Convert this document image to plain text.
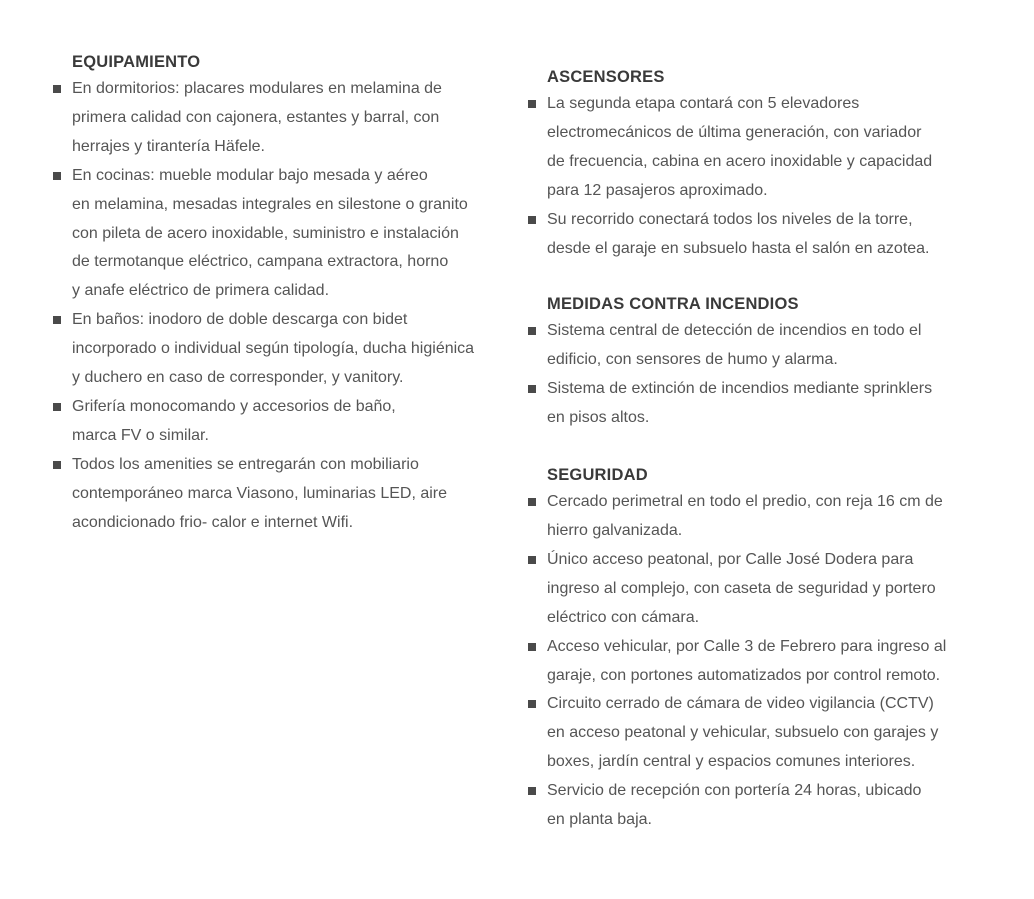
EQUIPAMIENTO
En dormitorios: placares modulares en melamina de
primera calidad con cajonera, estantes y barral, con
herrajes y tirantería Häfele.
En cocinas: mueble modular bajo mesada y aéreo
en melamina, mesadas integrales en silestone o granito
con pileta de acero inoxidable, suministro e instalación
de termotanque eléctrico, campana extractora, horno
y anafe eléctrico de primera calidad.
En baños: inodoro de doble descarga con bidet
incorporado o individual según tipología, ducha higiénica
y duchero en caso de corresponder, y vanitory.
Grifería monocomando y accesorios de baño,
marca FV o similar.
Todos los amenities se entregarán con mobiliario
contemporáneo marca Viasono, luminarias LED, aire
acondicionado frio- calor e internet Wifi.
ASCENSORES
La segunda etapa contará con 5 elevadores
electromecánicos de última generación, con variador
de frecuencia, cabina en acero inoxidable y capacidad
para 12 pasajeros aproximado.
Su recorrido conectará todos los niveles de la torre,
desde el garaje en subsuelo hasta el salón en azotea.
MEDIDAS CONTRA INCENDIOS
Sistema central de detección de incendios en todo el
edificio, con sensores de humo y alarma.
Sistema de extinción de incendios mediante sprinklers
en pisos altos.
SEGURIDAD
Cercado perimetral en todo el predio, con reja 16 cm de
hierro galvanizada.
Único acceso peatonal, por Calle José Dodera para
ingreso al complejo, con caseta de seguridad y portero
eléctrico con cámara.
Acceso vehicular, por Calle 3 de Febrero para ingreso al
garaje, con portones automatizados por control remoto.
Circuito cerrado de cámara de video vigilancia (CCTV)
en acceso peatonal y vehicular, subsuelo con garajes y
boxes, jardín central y espacios comunes interiores.
Servicio de recepción con portería 24 horas, ubicado
en planta baja.
